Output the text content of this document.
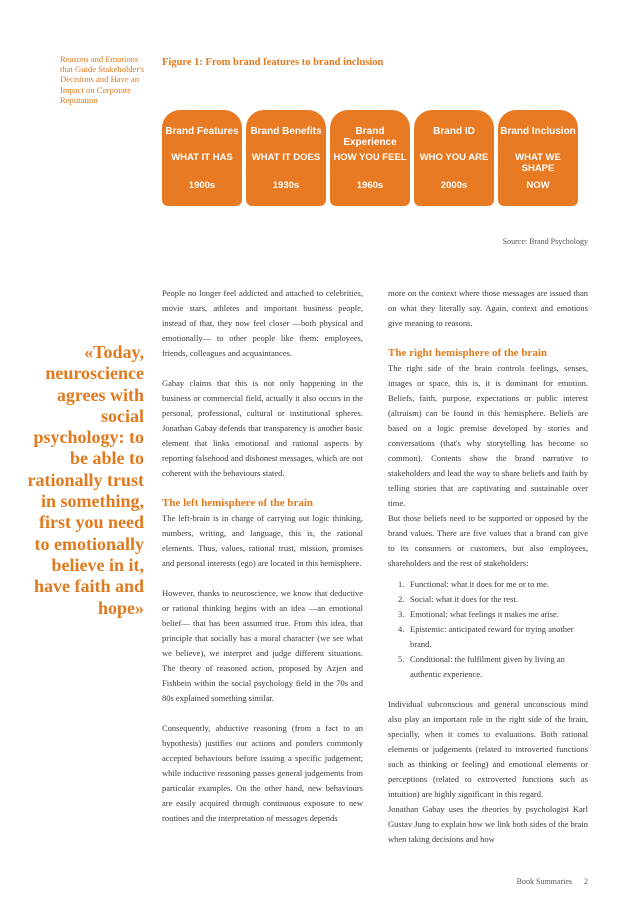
Reasons and Emotions that Guide Stakeholder's Decisions and Have an Impact on Corporate Reputation
Figure 1: From brand features to brand inclusion
Brand Features
WHAT IT HAS
1900s
Brand Benefits
WHAT IT DOES
1930s
Brand Experience
HOW YOU FEEL
1960s
Brand ID
WHO YOU ARE
2000s
Brand Inclusion
WHAT WE SHAPE
NOW
Source: Brand Psychology
«Today, neuroscience agrees with social psychology: to be able to rationally trust in something, first you need to emotionally believe in it, have faith and hope»

People no longer feel addicted and attached to celebrities, movie stars, athletes and important business people, instead of that, they now feel closer —both physical and emotionally— to other people like them: employees, friends, colleagues and acquaintances.

Gabay claims that this is not only happening in the business or commercial field, actually it also occurs in the personal, professional, cultural or institutional spheres. Jonathan Gabay defends that transparency is another basic element that links emotional and rational aspects by reporting falsehood and dishonest messages, which are not coherent with the behaviours stated.

The left hemisphere of the brain

The left-brain is in charge of carrying out logic thinking, numbers, writing, and language, this is, the rational elements. Thus, values, rational trust, mission, promises and personal interests (ego) are located in this hemisphere.

However, thanks to neuroscience, we know that deductive or rational thinking begins with an idea —an emotional belief— that has been assumed true. From this idea, that principle that socially has a moral character (we see what we believe), we interpret and judge different situations. The theory of reasoned action, proposed by Azjen and Fishbein within the social psychology field in the 70s and 80s explained something similar.

Consequently, abductive reasoning (from a fact to an hypothesis) justifies our actions and ponders commonly accepted behaviours before issuing a specific judgement; while inductive reasoning passes general judgements from particular examples. On the other hand, new behaviours are easily acquired through continuous exposure to new routines and the interpretation of messages depends

more on the context where those messages are issued than on what they literally say. Again, context and emotions give meaning to reasons.

The right hemisphere of the brain

The right side of the brain controls feelings, senses, images or space, this is, it is dominant for emotion. Beliefs, faith, purpose, expectations or public interest (altruism) can be found in this hemisphere. Beliefs are based on a logic premise developed by stories and conversations (that's why storytelling has become so common). Contents show the brand narrative to stakeholders and lead the way to share beliefs and faith by telling stories that are captivating and sustainable over time.

But those beliefs need to be supported or opposed by the brand values. There are five values that a brand can give to its consumers or customers, but also employees, shareholders and the rest of stakeholders:

1. Functional: what it does for me or to me.
2. Social: what it does for the rest.
3. Emotional: what feelings it makes me arise.
4. Epistemic: anticipated reward for trying another brand.
5. Conditional: the fulfilment given by living an authentic experience.

Individual subconscious and general unconscious mind also play an important role in the right side of the brain, specially, when it comes to evaluations. Both rational elements or judgements (related to introverted functions such as thinking or feeling) and emotional elements or perceptions (related to extroverted functions such as intuition) are highly significant in this regard.

Jonathan Gabay uses the theories by psychologist Karl Gustav Jung to explain how we link both sides of the brain when taking decisions and how

Book Summaries 2
